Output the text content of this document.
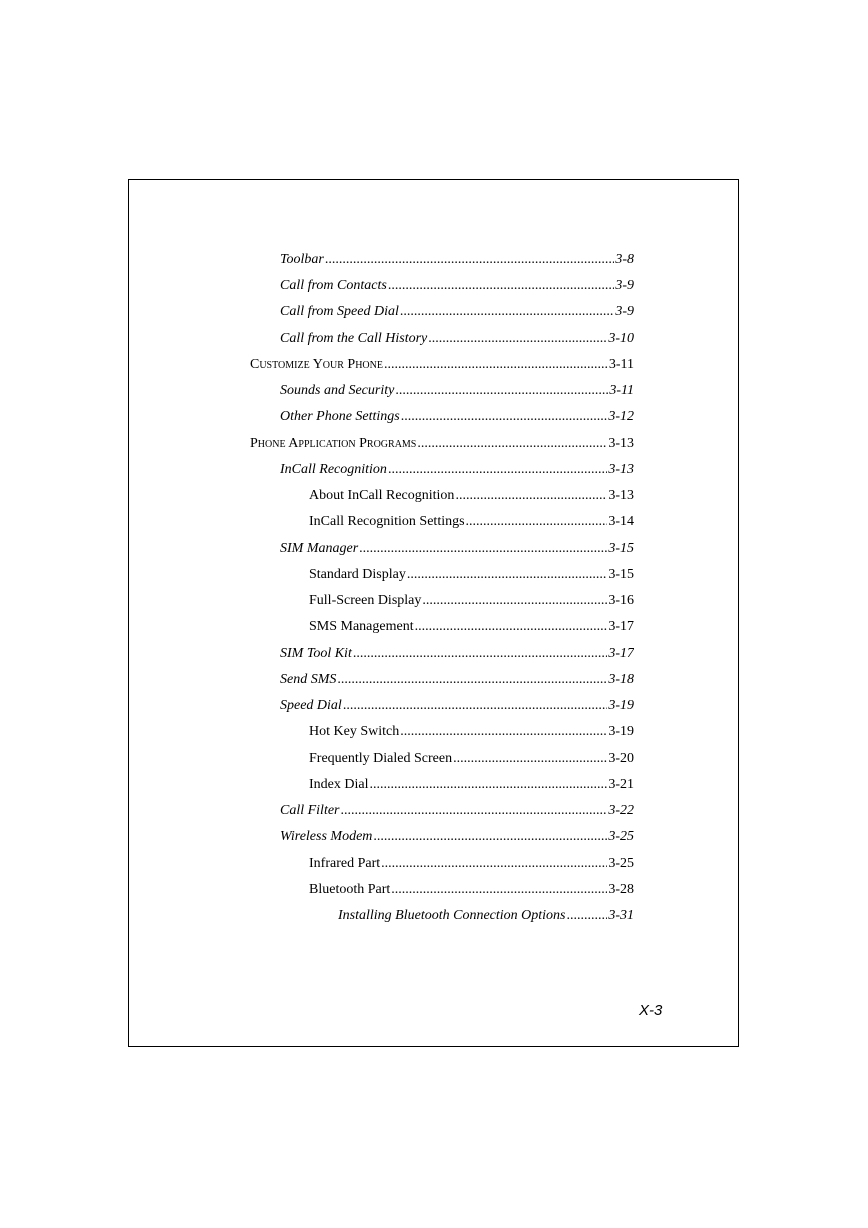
Toolbar .....	3-8
Call from Contacts .....	3-9
Call from Speed Dial .....	3-9
Call from the Call History .....	3-10
Customize Your Phone .....	3-11
Sounds and Security .....	3-11
Other Phone Settings .....	3-12
Phone Application Programs .....	3-13
InCall Recognition .....	3-13
About InCall Recognition .....	3-13
InCall Recognition Settings .....	3-14
SIM Manager .....	3-15
Standard Display .....	3-15
Full-Screen Display .....	3-16
SMS Management .....	3-17
SIM Tool Kit .....	3-17
Send SMS .....	3-18
Speed Dial .....	3-19
Hot Key Switch .....	3-19
Frequently Dialed Screen .....	3-20
Index Dial .....	3-21
Call Filter .....	3-22
Wireless Modem .....	3-25
Infrared Part .....	3-25
Bluetooth Part .....	3-28
Installing Bluetooth Connection Options .....	3-31
X-3
